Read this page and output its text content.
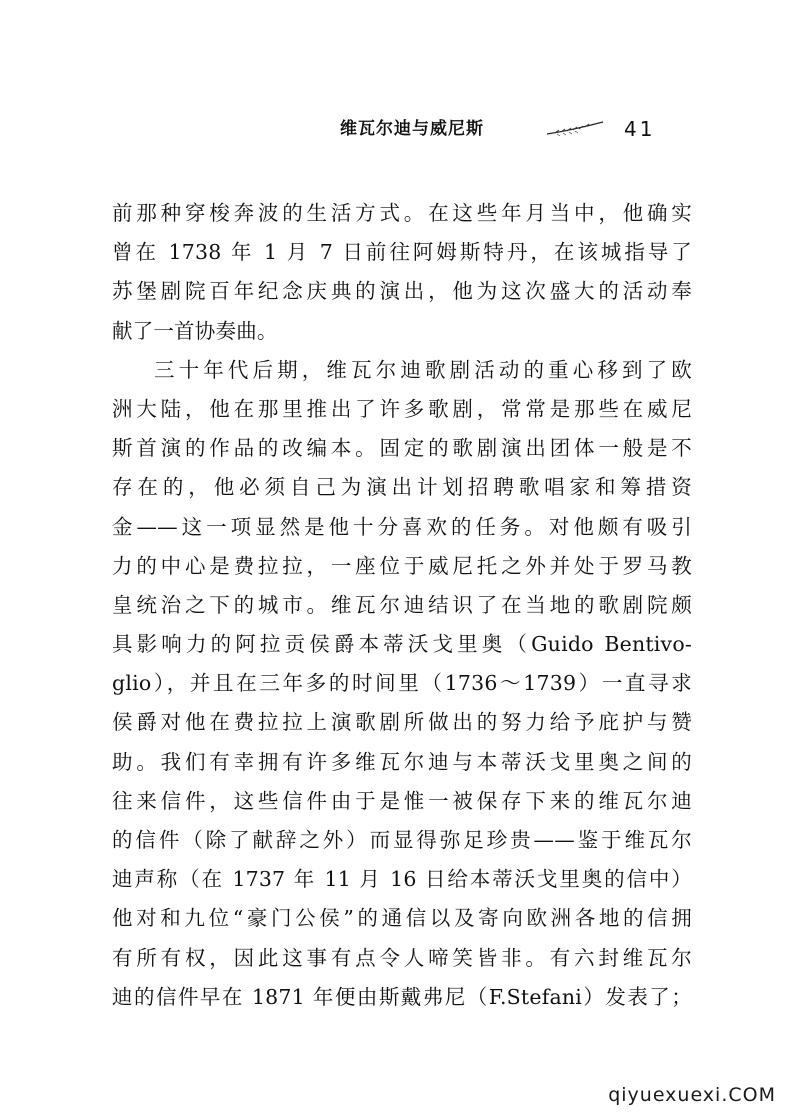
维瓦尔迪与威尼斯	41
前那种穿梭奔波的生活方式。在这些年月当中，他确实
曾在 1738 年 1 月 7 日前往阿姆斯特丹，在该城指导了
苏堡剧院百年纪念庆典的演出，他为这次盛大的活动奉
献了一首协奏曲。
三十年代后期，维瓦尔迪歌剧活动的重心移到了欧
洲大陆，他在那里推出了许多歌剧，常常是那些在威尼
斯首演的作品的改编本。固定的歌剧演出团体一般是不
存在的，他必须自己为演出计划招聘歌唱家和筹措资
金——这一项显然是他十分喜欢的任务。对他颇有吸引
力的中心是费拉拉，一座位于威尼托之外并处于罗马教
皇统治之下的城市。维瓦尔迪结识了在当地的歌剧院颇
具影响力的阿拉贡侯爵本蒂沃戈里奥（Guido Bentivo-
glio），并且在三年多的时间里（1736～1739）一直寻求
侯爵对他在费拉拉上演歌剧所做出的努力给予庇护与赞
助。我们有幸拥有许多维瓦尔迪与本蒂沃戈里奥之间的
往来信件，这些信件由于是惟一被保存下来的维瓦尔迪
的信件（除了献辞之外）而显得弥足珍贵——鉴于维瓦尔
迪声称（在 1737 年 11 月 16 日给本蒂沃戈里奥的信中）
他对和九位“豪门公侯”的通信以及寄向欧洲各地的信拥
有所有权，因此这事有点令人啼笑皆非。有六封维瓦尔
迪的信件早在 1871 年便由斯戴弗尼（F.Stefani）发表了；
qiyuexuexi.COM
